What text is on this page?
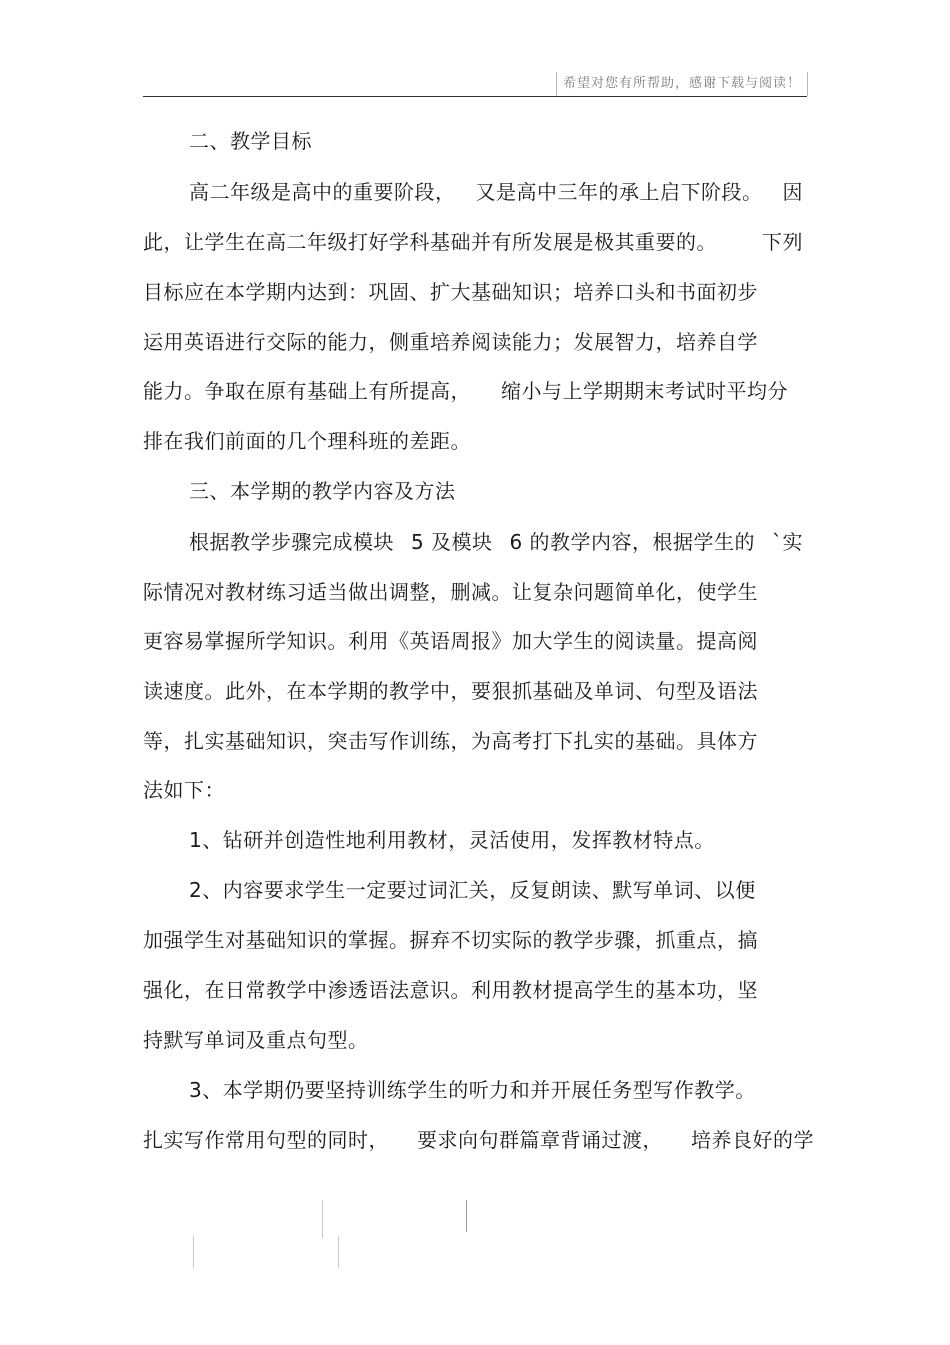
希望对您有所帮助，感谢下载与阅读！
二、教学目标
高二年级是高中的重要阶段， 又是高中三年的承上启下阶段。 因
此，让学生在高二年级打好学科基础并有所发展是极其重要的。 下列
目标应在本学期内达到：巩固、扩大基础知识；培养口头和书面初步
运用英语进行交际的能力，侧重培养阅读能力；发展智力，培养自学
能力。争取在原有基础上有所提高， 缩小与上学期期末考试时平均分
排在我们前面的几个理科班的差距。
三、本学期的教学内容及方法
根据教学步骤完成模块 5 及模块 6 的教学内容，根据学生的 `实
际情况对教材练习适当做出调整，删减。让复杂问题简单化，使学生
更容易掌握所学知识。利用《英语周报》加大学生的阅读量。提高阅
读速度。此外，在本学期的教学中，要狠抓基础及单词、句型及语法
等，扎实基础知识，突击写作训练，为高考打下扎实的基础。具体方
法如下：
1、钻研并创造性地利用教材，灵活使用，发挥教材特点。
2、内容要求学生一定要过词汇关，反复朗读、默写单词、以便
加强学生对基础知识的掌握。摒弃不切实际的教学步骤，抓重点，搞
强化，在日常教学中渗透语法意识。利用教材提高学生的基本功，坚
持默写单词及重点句型。
3、本学期仍要坚持训练学生的听力和并开展任务型写作教学。
扎实写作常用句型的同时， 要求向句群篇章背诵过渡， 培养良好的学
